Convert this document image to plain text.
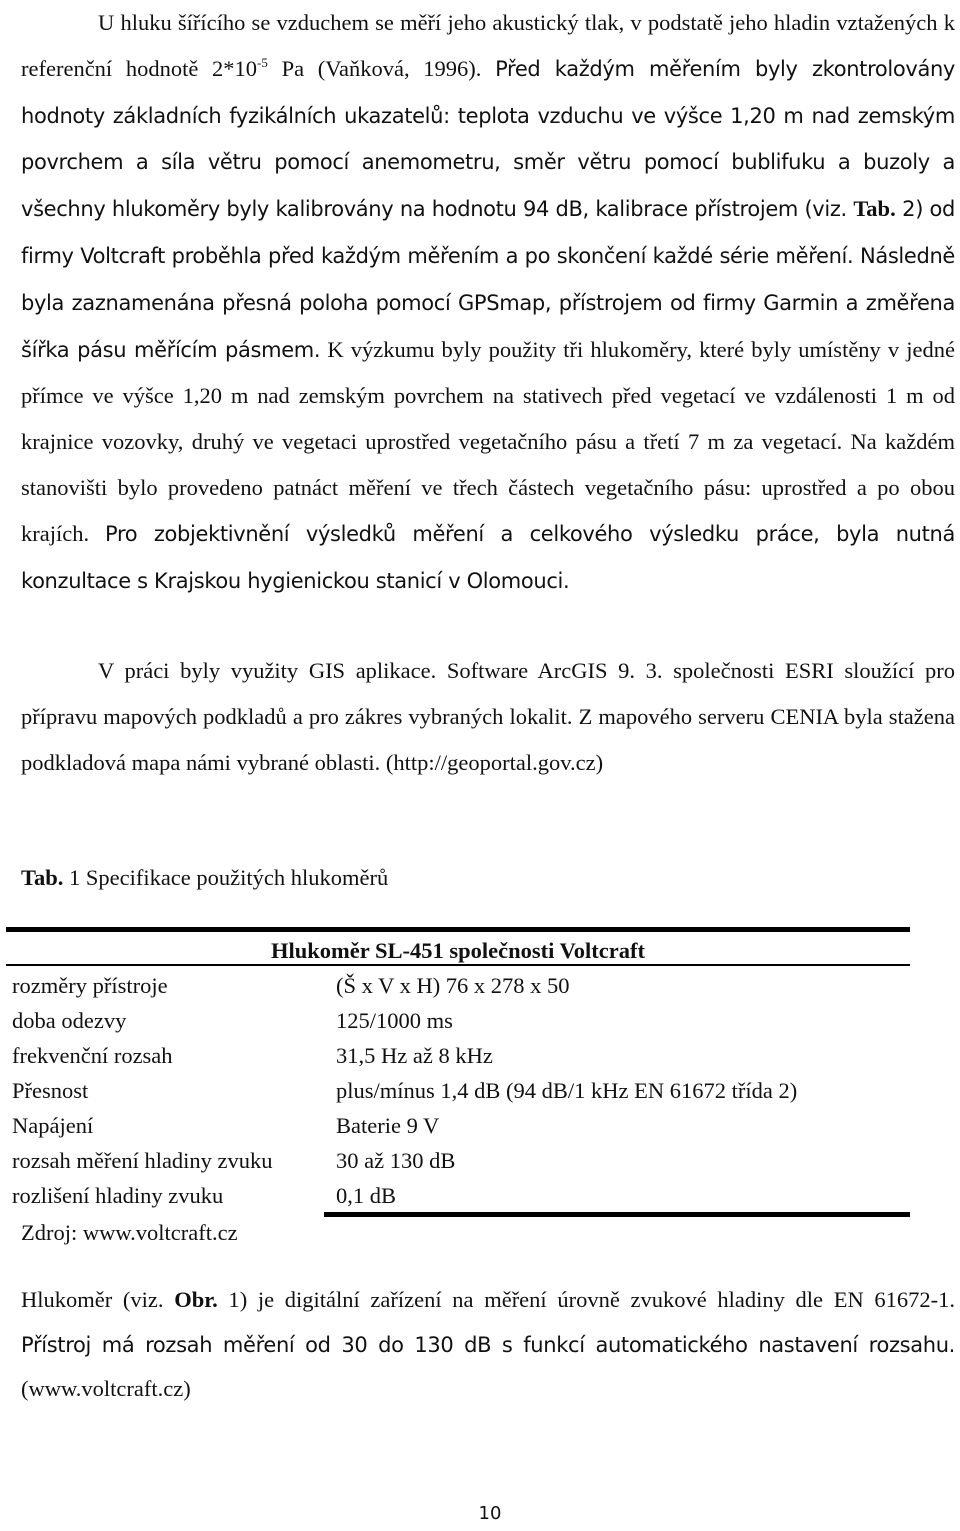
U hluku šířícího se vzduchem se měří jeho akustický tlak, v podstatě jeho hladin vztažených k referenční hodnotě $2*10^{-5}$ Pa (Vaňková, 1996). Před každým měřením byly zkontrolovány hodnoty základních fyzikálních ukazatelů: teplota vzduchu ve výšce 1,20 m nad zemským povrchem a síla větru pomocí anemometru, směr větru pomocí bublifuku a buzoly a všechny hlukoměry byly kalibrovány na hodnotu 94 dB, kalibrace přístrojem (viz. Tab. 2) od firmy Voltcraft proběhla před každým měřením a po skončení každé série měření. Následně byla zaznamenána přesná poloha pomocí GPSmap, přístrojem od firmy Garmin a změřena šířka pásu měřícím pásmem. K výzkumu byly použity tři hlukoměry, které byly umístěny v jedné přímce ve výšce 1,20 m nad zemským povrchem na stativech před vegetací ve vzdálenosti 1 m od krajnice vozovky, druhý ve vegetaci uprostřed vegetačního pásu a třetí 7 m za vegetací. Na každém stanovišti bylo provedeno patnáct měření ve třech částech vegetačního pásu: uprostřed a po obou krajích. Pro zobjektivnění výsledků měření a celkového výsledku práce, byla nutná konzultace s Krajskou hygienickou stanicí v Olomouci.

V práci byly využity GIS aplikace. Software ArcGIS 9. 3. společnosti ESRI sloužící pro přípravu mapových podkladů a pro zákres vybraných lokalit. Z mapového serveru CENIA byla stažena podkladová mapa námi vybrané oblasti. (http://geoportal.gov.cz)

Tab. 1 Specifikace použitých hlukoměrů

Hlukoměr SL-451 společnosti Voltcraft

rozměry přístroje	(Š x V x H) 76 x 278 x 50
doba odezvy	125/1000 ms
frekvenční rozsah	31,5 Hz až 8 kHz
Přesnost	plus/mínus 1,4 dB (94 dB/1 kHz EN 61672 třída 2)
Napájení	Baterie 9 V
rozsah měření hladiny zvuku	30 až 130 dB
rozlišení hladiny zvuku	0,1 dB

Zdroj: www.voltcraft.cz

Hlukoměr (viz. Obr. 1) je digitální zařízení na měření úrovně zvukové hladiny dle EN 61672-1. Přístroj má rozsah měření od 30 do 130 dB s funkcí automatického nastavení rozsahu. (www.voltcraft.cz)

10
